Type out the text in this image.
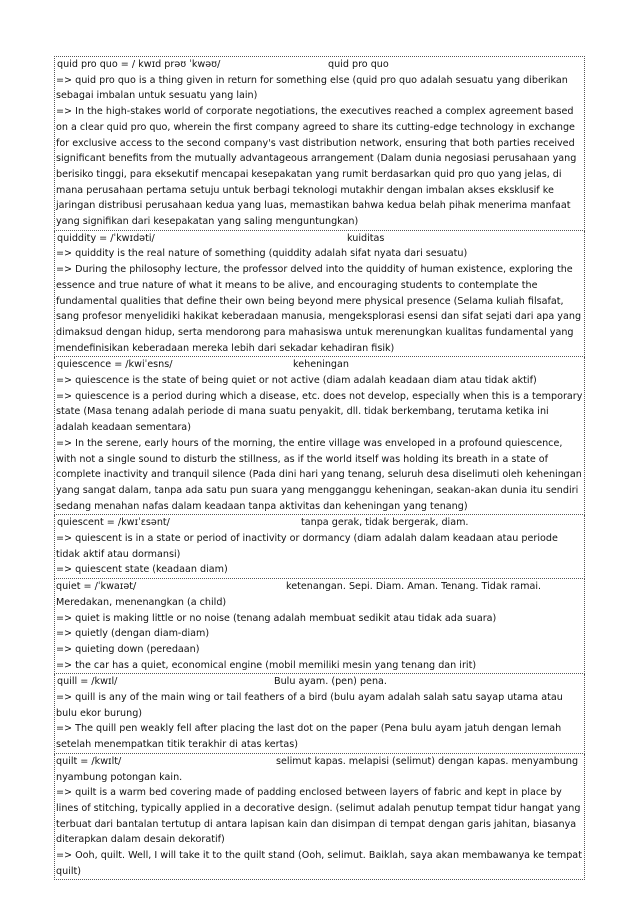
quid pro quo = / kwɪd prəʊ ˈkwəʊ/	quid pro quo
=> quid pro quo is a thing given in return for something else (quid pro quo adalah sesuatu yang diberikan sebagai imbalan untuk sesuatu yang lain)
=> In the high-stakes world of corporate negotiations, the executives reached a complex agreement based on a clear quid pro quo, wherein the first company agreed to share its cutting-edge technology in exchange for exclusive access to the second company's vast distribution network, ensuring that both parties received significant benefits from the mutually advantageous arrangement (Dalam dunia negosiasi perusahaan yang berisiko tinggi, para eksekutif mencapai kesepakatan yang rumit berdasarkan quid pro quo yang jelas, di mana perusahaan pertama setuju untuk berbagi teknologi mutakhir dengan imbalan akses eksklusif ke jaringan distribusi perusahaan kedua yang luas, memastikan bahwa kedua belah pihak menerima manfaat yang signifikan dari kesepakatan yang saling menguntungkan)
quiddity = /ˈkwɪdəti/	kuiditas
=> quiddity is the real nature of something (quiddity adalah sifat nyata dari sesuatu)
=> During the philosophy lecture, the professor delved into the quiddity of human existence, exploring the essence and true nature of what it means to be alive, and encouraging students to contemplate the fundamental qualities that define their own being beyond mere physical presence (Selama kuliah filsafat, sang profesor menyelidiki hakikat keberadaan manusia, mengeksplorasi esensi dan sifat sejati dari apa yang dimaksud dengan hidup, serta mendorong para mahasiswa untuk merenungkan kualitas fundamental yang mendefinisikan keberadaan mereka lebih dari sekadar kehadiran fisik)
quiescence = /kwiˈesns/	keheningan
=> quiescence is the state of being quiet or not active (diam adalah keadaan diam atau tidak aktif)
=> quiescence is a period during which a disease, etc. does not develop, especially when this is a temporary state (Masa tenang adalah periode di mana suatu penyakit, dll. tidak berkembang, terutama ketika ini adalah keadaan sementara)
=> In the serene, early hours of the morning, the entire village was enveloped in a profound quiescence, with not a single sound to disturb the stillness, as if the world itself was holding its breath in a state of complete inactivity and tranquil silence (Pada dini hari yang tenang, seluruh desa diselimuti oleh keheningan yang sangat dalam, tanpa ada satu pun suara yang mengganggu keheningan, seakan-akan dunia itu sendiri sedang menahan nafas dalam keadaan tanpa aktivitas dan keheningan yang tenang)
quiescent = /kwɪˈɛsənt/	tanpa gerak, tidak bergerak, diam.
=> quiescent is in a state or period of inactivity or dormancy (diam adalah dalam keadaan atau periode tidak aktif atau dormansi)
=> quiescent state (keadaan diam)
quiet = /ˈkwaɪət/	ketenangan. Sepi. Diam. Aman. Tenang. Tidak ramai. Meredakan, menenangkan (a child)
=> quiet is making little or no noise (tenang adalah membuat sedikit atau tidak ada suara)
=> quietly (dengan diam-diam)
=> quieting down (peredaan)
=> the car has a quiet, economical engine (mobil memiliki mesin yang tenang dan irit)
quill = /kwɪl/	Bulu ayam. (pen) pena.
=> quill is any of the main wing or tail feathers of a bird (bulu ayam adalah salah satu sayap utama atau bulu ekor burung)
=> The quill pen weakly fell after placing the last dot on the paper (Pena bulu ayam jatuh dengan lemah setelah menempatkan titik terakhir di atas kertas)
quilt = /kwɪlt/	selimut kapas. melapisi (selimut) dengan kapas. menyambung nyambung potongan kain.
=> quilt is a warm bed covering made of padding enclosed between layers of fabric and kept in place by lines of stitching, typically applied in a decorative design. (selimut adalah penutup tempat tidur hangat yang terbuat dari bantalan tertutup di antara lapisan kain dan disimpan di tempat dengan garis jahitan, biasanya diterapkan dalam desain dekoratif)
=> Ooh, quilt. Well, I will take it to the quilt stand (Ooh, selimut. Baiklah, saya akan membawanya ke tempat quilt)
